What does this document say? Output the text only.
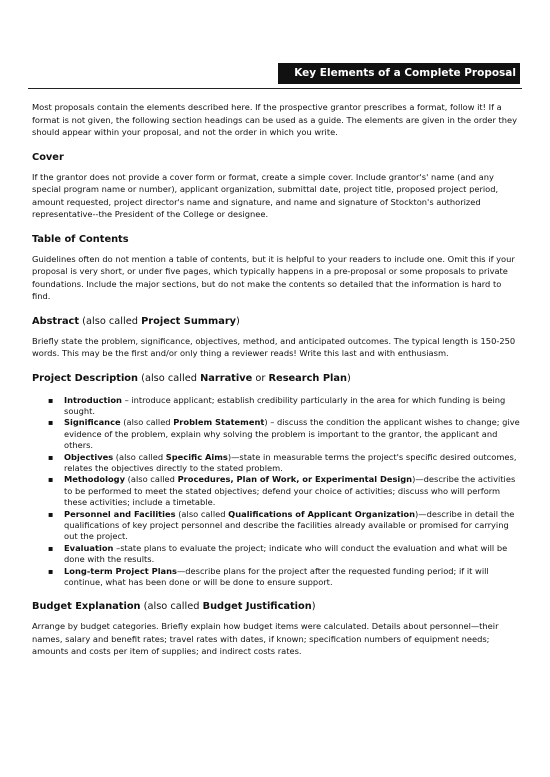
Key Elements of a Complete Proposal

Most proposals contain the elements described here. If the prospective grantor prescribes a format, follow it! If a format is not given, the following section headings can be used as a guide. The elements are given in the order they should appear within your proposal, and not the order in which you write.

Cover

If the grantor does not provide a cover form or format, create a simple cover. Include grantor's' name (and any special program name or number), applicant organization, submittal date, project title, proposed project period, amount requested, project director's name and signature, and name and signature of Stockton's authorized representative--the President of the College or designee.

Table of Contents

Guidelines often do not mention a table of contents, but it is helpful to your readers to include one. Omit this if your proposal is very short, or under five pages, which typically happens in a pre-proposal or some proposals to private foundations. Include the major sections, but do not make the contents so detailed that the information is hard to find.

Abstract (also called Project Summary)

Briefly state the problem, significance, objectives, method, and anticipated outcomes. The typical length is 150-250 words. This may be the first and/or only thing a reviewer reads! Write this last and with enthusiasm.

Project Description (also called Narrative or Research Plan)
▪ Introduction – introduce applicant; establish credibility particularly in the area for which funding is being sought.
▪ Significance (also called Problem Statement) – discuss the condition the applicant wishes to change; give evidence of the problem, explain why solving the problem is important to the grantor, the applicant and others.
▪ Objectives (also called Specific Aims)—state in measurable terms the project's specific desired outcomes, relates the objectives directly to the stated problem.
▪ Methodology (also called Procedures, Plan of Work, or Experimental Design)—describe the activities to be performed to meet the stated objectives; defend your choice of activities; discuss who will perform these activities; include a timetable.
▪ Personnel and Facilities (also called Qualifications of Applicant Organization)—describe in detail the qualifications of key project personnel and describe the facilities already available or promised for carrying out the project.
▪ Evaluation –state plans to evaluate the project; indicate who will conduct the evaluation and what will be done with the results.
▪ Long-term Project Plans—describe plans for the project after the requested funding period; if it will continue, what has been done or will be done to ensure support.
Budget Explanation (also called Budget Justification)

Arrange by budget categories. Briefly explain how budget items were calculated. Details about personnel—their names, salary and benefit rates; travel rates with dates, if known; specification numbers of equipment needs; amounts and costs per item of supplies; and indirect costs rates.
